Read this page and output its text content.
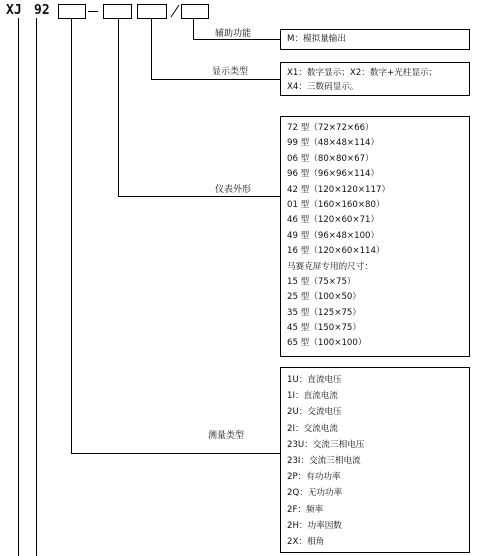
XJ 92
辅助功能	M：模拟量输出
显示类型	X1：数字显示；X2：数字+光柱显示；
X4：三数码显示。
仪表外形
72 型（72×72×66）
99 型（48×48×114）
06 型（80×80×67）
96 型（96×96×114）
42 型（120×120×117）
01 型（160×160×80）
46 型（120×60×71）
49 型（96×48×100）
16 型（120×60×114）
马赛克屏专用的尺寸：
15 型（75×75）
25 型（100×50）
35 型（125×75）
45 型（150×75）
65 型（100×100）
测量类型
1U：直流电压
1I：直流电流
2U：交流电压
2I：交流电流
23U：交流三相电压
23I：交流三相电流
2P：有功功率
2Q：无功功率
2F：频率
2H：功率因数
2X：相角
